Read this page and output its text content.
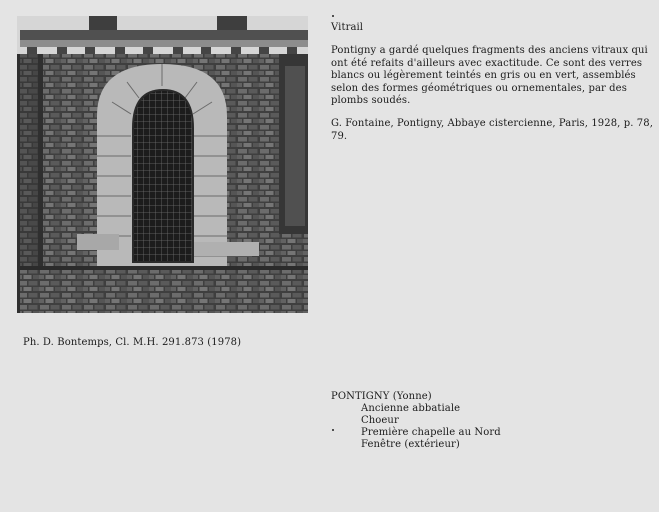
Vitrail
Pontigny a gardé quelques fragments des anciens vitraux qui ont été refaits d'ailleurs avec exactitude. Ce sont des verres blancs ou légèrement teintés en gris ou en vert, assemblés selon des formes géométriques ou ornementales, par des plombs soudés.
G. Fontaine, Pontigny, Abbaye cistercienne, Paris, 1928, p. 78, 79.
Ph. D. Bontemps, Cl. M.H. 291.873 (1978)
PONTIGNY (Yonne)
Ancienne abbatiale
Choeur
Première chapelle au Nord
Fenêtre (extérieur)
